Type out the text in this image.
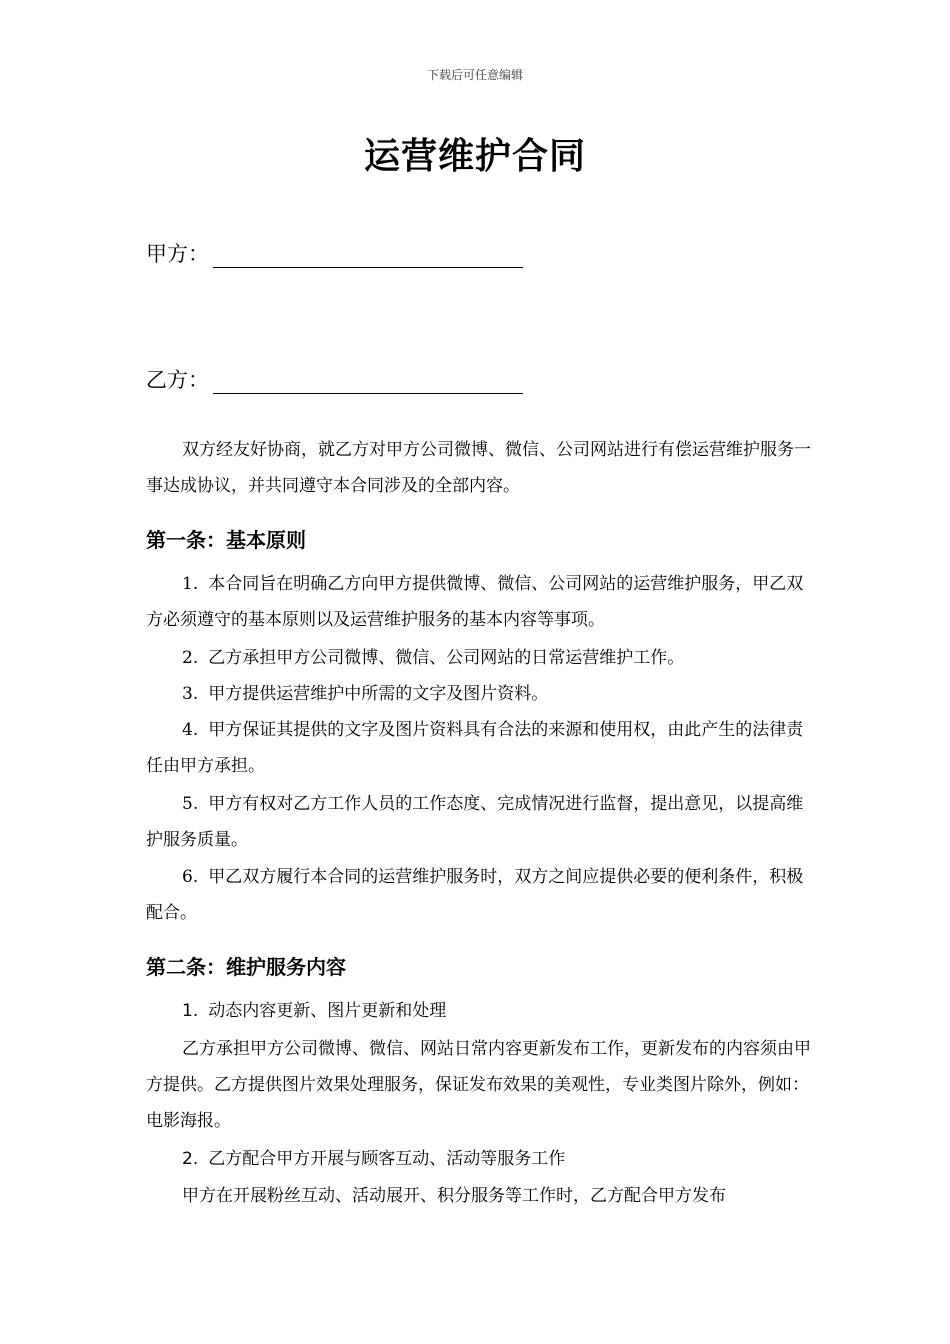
下载后可任意编辑
运营维护合同
甲方：
乙方：
双方经友好协商，就乙方对甲方公司微博、微信、公司网站进行有偿运营维护服务一事达成协议，并共同遵守本合同涉及的全部内容。
第一条：基本原则
1. 本合同旨在明确乙方向甲方提供微博、微信、公司网站的运营维护服务，甲乙双方必须遵守的基本原则以及运营维护服务的基本内容等事项。
2. 乙方承担甲方公司微博、微信、公司网站的日常运营维护工作。
3. 甲方提供运营维护中所需的文字及图片资料。
4. 甲方保证其提供的文字及图片资料具有合法的来源和使用权，由此产生的法律责任由甲方承担。
5. 甲方有权对乙方工作人员的工作态度、完成情况进行监督，提出意见，以提高维护服务质量。
6. 甲乙双方履行本合同的运营维护服务时，双方之间应提供必要的便利条件，积极配合。
第二条：维护服务内容
1. 动态内容更新、图片更新和处理
乙方承担甲方公司微博、微信、网站日常内容更新发布工作，更新发布的内容须由甲方提供。乙方提供图片效果处理服务，保证发布效果的美观性，专业类图片除外，例如：电影海报。
2. 乙方配合甲方开展与顾客互动、活动等服务工作
甲方在开展粉丝互动、活动展开、积分服务等工作时，乙方配合甲方发布
